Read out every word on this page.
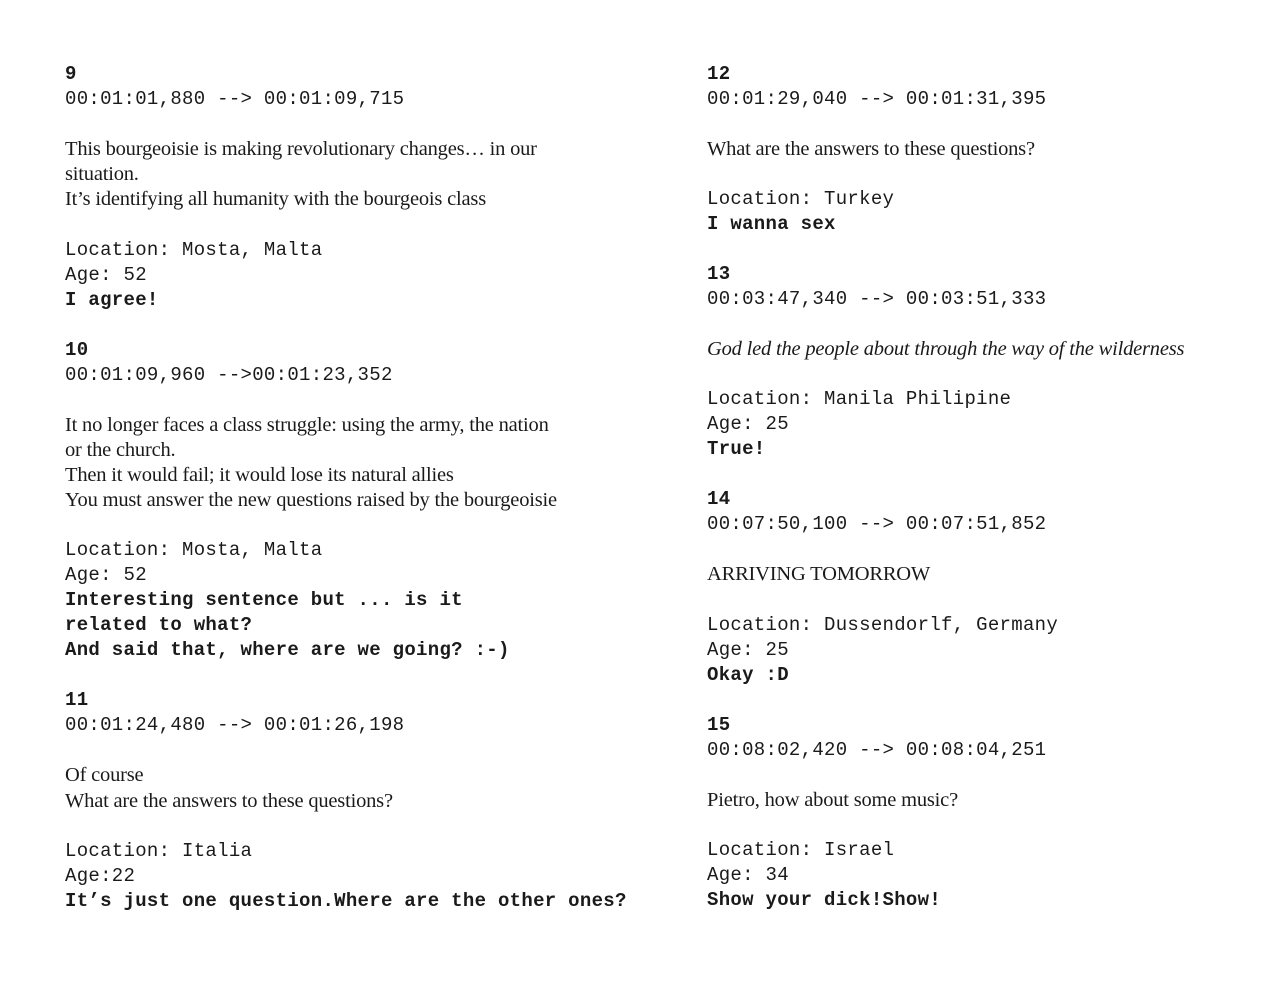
9

00:01:01,880 --> 00:01:09,715

This bourgeoisie is making revolutionary changes… in our

situation.

It’s identifying all humanity with the bourgeois class

Location: Mosta, Malta

Age: 52

I agree!

10

00:01:09,960 -->00:01:23,352

It no longer faces a class struggle: using the army, the nation

or the church.

Then it would fail; it would lose its natural allies

You must answer the new questions raised by the bourgeoisie

Location: Mosta, Malta

Age: 52

Interesting sentence but ... is it

related to what?

And said that, where are we going? :-)

11

00:01:24,480 --> 00:01:26,198

Of course

What are the answers to these questions?

Location: Italia

Age:22

It’s just one question.Where are the other ones?

12

00:01:29,040 --> 00:01:31,395

What are the answers to these questions?

Location: Turkey

I wanna sex

13

00:03:47,340 --> 00:03:51,333

God led the people about through the way of the wilderness

Location: Manila Philipine

Age: 25

True!

14

00:07:50,100 --> 00:07:51,852

ARRIVING TOMORROW

Location: Dussendorlf, Germany

Age: 25

Okay :D

15

00:08:02,420 --> 00:08:04,251

Pietro, how about some music?

Location: Israel

Age: 34

Show your dick!Show!
